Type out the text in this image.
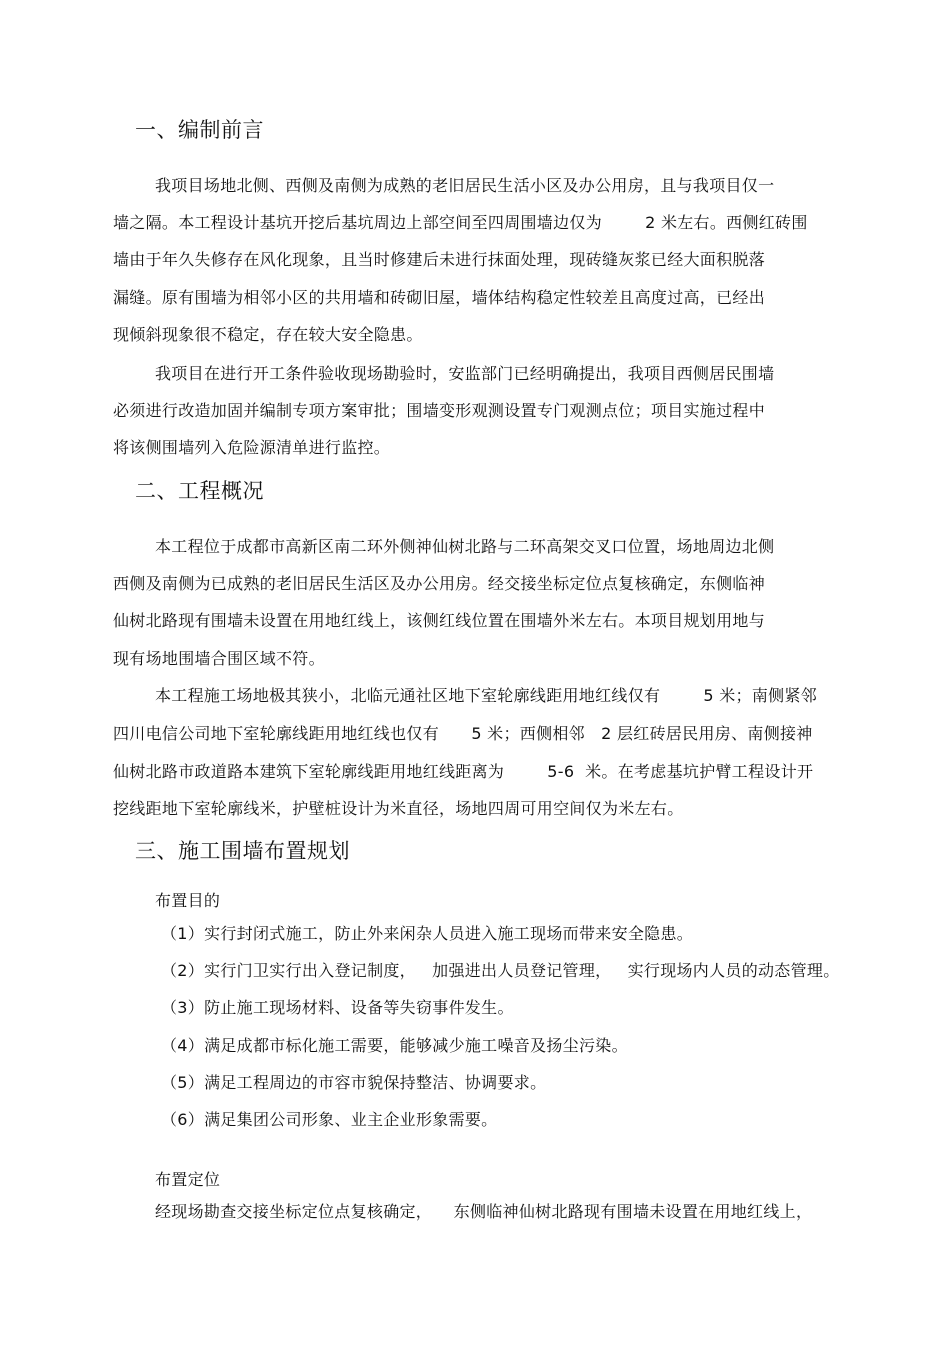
一、编制前言
我项目场地北侧、西侧及南侧为成熟的老旧居民生活小区及办公用房，且与我项目仅一
墙之隔。本工程设计基坑开挖后基坑周边上部空间至四周围墙边仅为        2 米左右。西侧红砖围
墙由于年久失修存在风化现象，且当时修建后未进行抹面处理，现砖缝灰浆已经大面积脱落
漏缝。原有围墙为相邻小区的共用墙和砖砌旧屋，墙体结构稳定性较差且高度过高，已经出
现倾斜现象很不稳定，存在较大安全隐患。
我项目在进行开工条件验收现场勘验时，安监部门已经明确提出，我项目西侧居民围墙
必须进行改造加固并编制专项方案审批；围墙变形观测设置专门观测点位；项目实施过程中
将该侧围墙列入危险源清单进行监控。
二、工程概况
本工程位于成都市高新区南二环外侧神仙树北路与二环高架交叉口位置，场地周边北侧
西侧及南侧为已成熟的老旧居民生活区及办公用房。经交接坐标定位点复核确定，东侧临神
仙树北路现有围墙未设置在用地红线上，该侧红线位置在围墙外米左右。本项目规划用地与
现有场地围墙合围区域不符。
本工程施工场地极其狭小，北临元通社区地下室轮廓线距用地红线仅有        5 米；南侧紧邻
四川电信公司地下室轮廓线距用地红线也仅有      5 米；西侧相邻   2 层红砖居民用房、南侧接神
仙树北路市政道路本建筑下室轮廓线距用地红线距离为        5-6  米。在考虑基坑护臂工程设计开
挖线距地下室轮廓线米，护壁桩设计为米直径，场地四周可用空间仅为米左右。
三、施工围墙布置规划
布置目的
（1）实行封闭式施工，防止外来闲杂人员进入施工现场而带来安全隐患。
（2）实行门卫实行出入登记制度，   加强进出人员登记管理，   实行现场内人员的动态管理。
（3）防止施工现场材料、设备等失窃事件发生。
（4）满足成都市标化施工需要，能够减少施工噪音及扬尘污染。
（5）满足工程周边的市容市貌保持整洁、协调要求。
（6）满足集团公司形象、业主企业形象需要。
布置定位
经现场勘查交接坐标定位点复核确定，    东侧临神仙树北路现有围墙未设置在用地红线上，
